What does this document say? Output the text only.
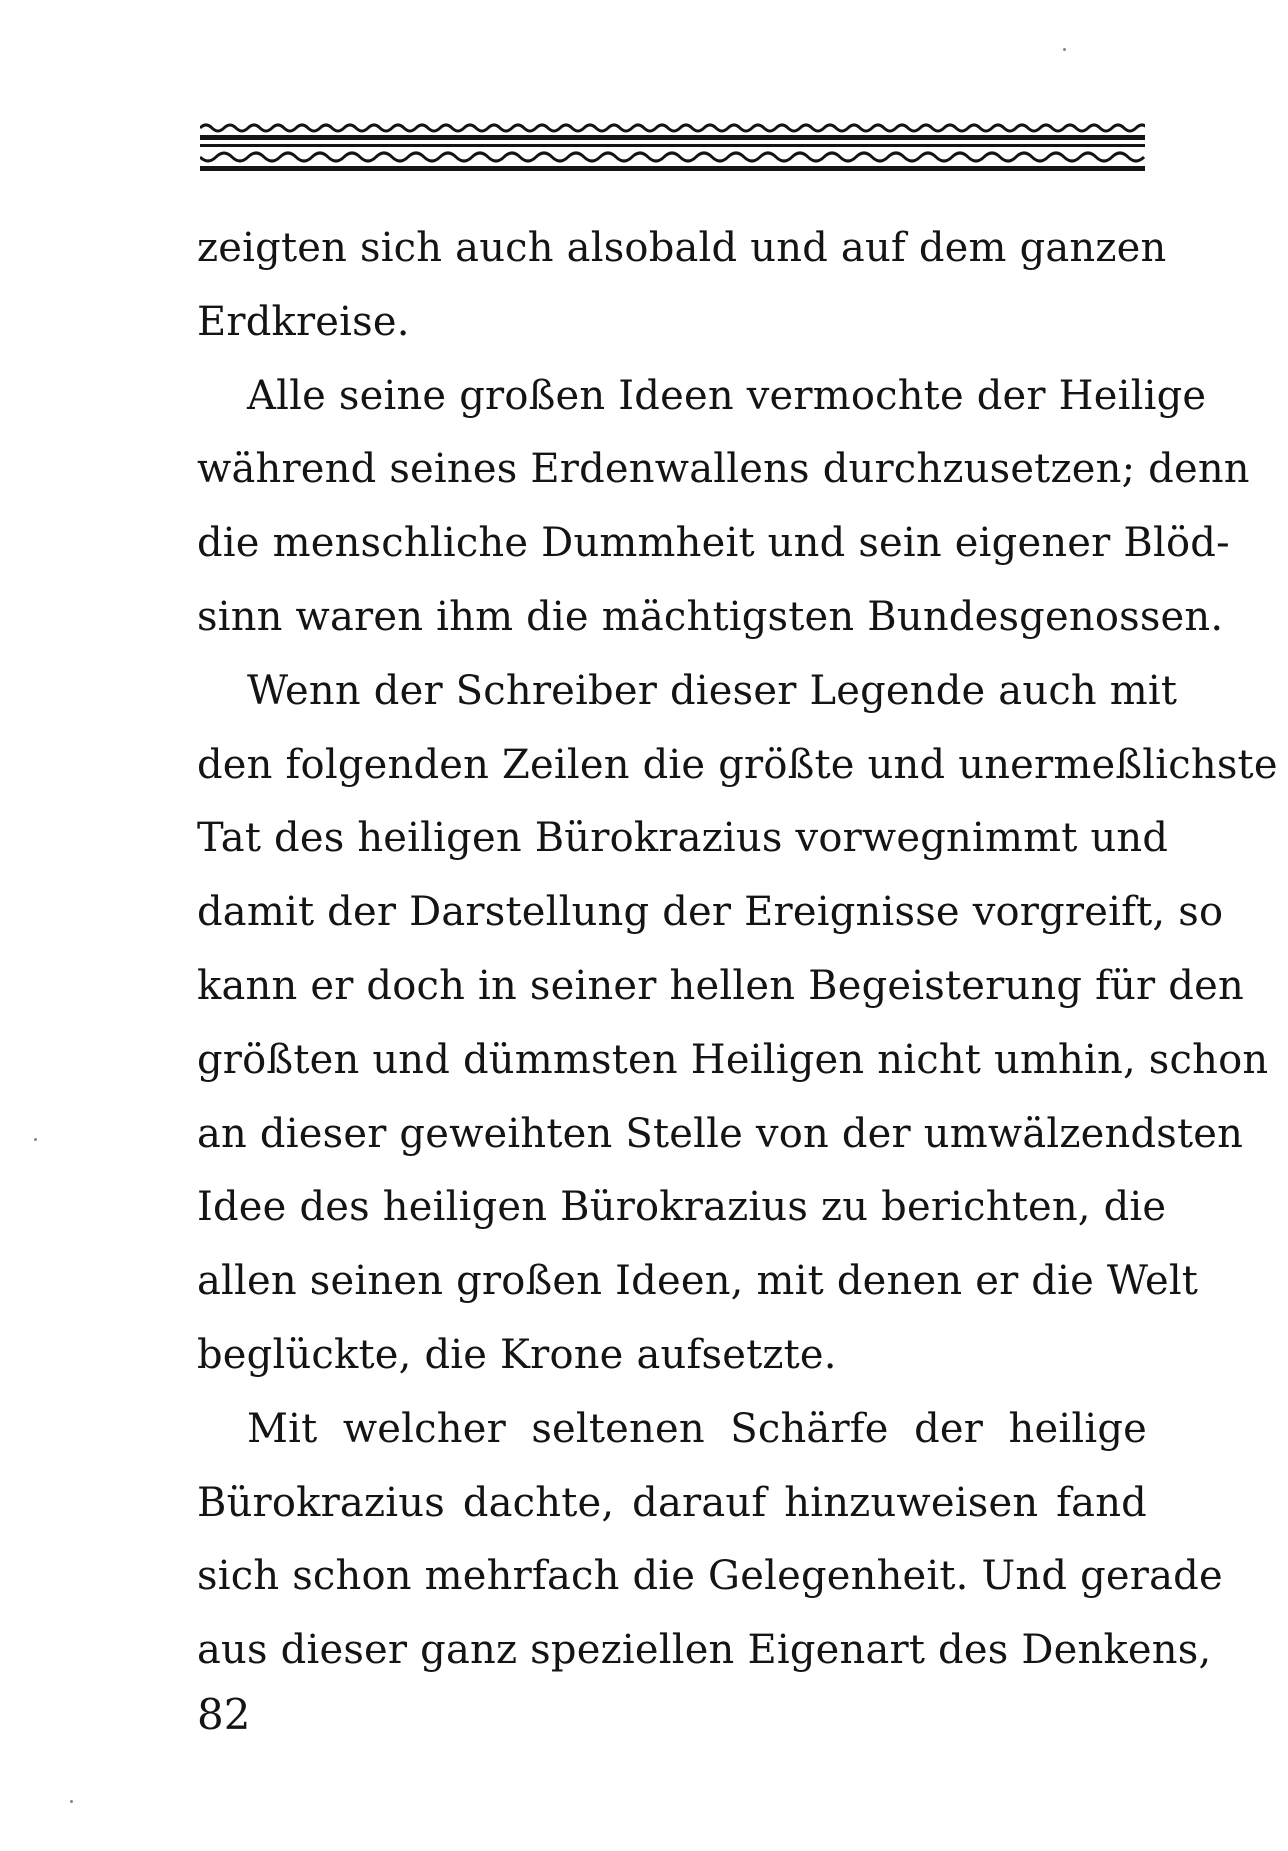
zeigten sich auch alsobald und auf dem ganzen
Erdkreise.
Alle seine großen Ideen vermochte der Heilige
während seines Erdenwallens durchzusetzen; denn
die menschliche Dummheit und sein eigener Blöd-
sinn waren ihm die mächtigsten Bundesgenossen.
Wenn der Schreiber dieser Legende auch mit
den folgenden Zeilen die größte und unermeßlichste
Tat des heiligen Bürokrazius vorwegnimmt und
damit der Darstellung der Ereignisse vorgreift, so
kann er doch in seiner hellen Begeisterung für den
größten und dümmsten Heiligen nicht umhin, schon
an dieser geweihten Stelle von der umwälzendsten
Idee des heiligen Bürokrazius zu berichten, die
allen seinen großen Ideen, mit denen er die Welt
beglückte, die Krone aufsetzte.
Mit welcher seltenen Schärfe der heilige
Bürokrazius dachte, darauf hinzuweisen fand
sich schon mehrfach die Gelegenheit. Und gerade
aus dieser ganz speziellen Eigenart des Denkens,
82
